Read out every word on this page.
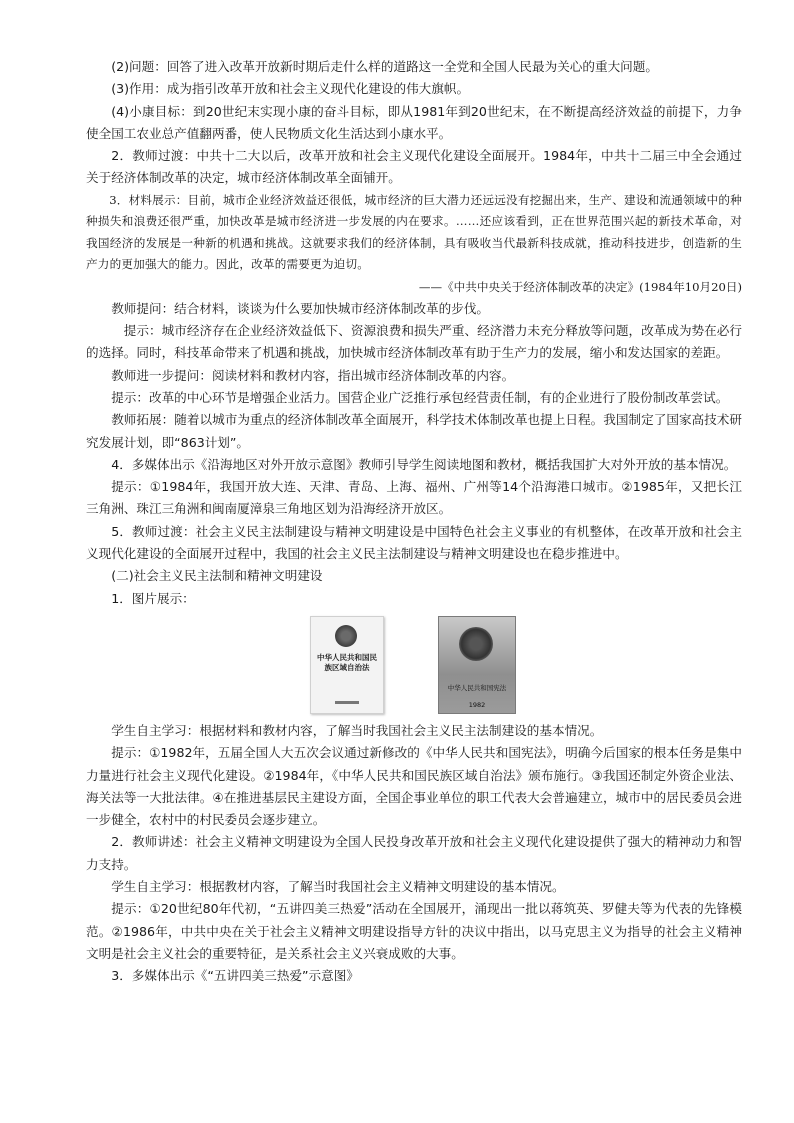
(2)问题：回答了进入改革开放新时期后走什么样的道路这一全党和全国人民最为关心的重大问题。

(3)作用：成为指引改革开放和社会主义现代化建设的伟大旗帜。

(4)小康目标：到20世纪末实现小康的奋斗目标，即从1981年到20世纪末，在不断提高经济效益的前提下，力争使全国工农业总产值翻两番，使人民物质文化生活达到小康水平。

2．教师过渡：中共十二大以后，改革开放和社会主义现代化建设全面展开。1984年，中共十二届三中全会通过关于经济体制改革的决定，城市经济体制改革全面铺开。

3．材料展示：目前，城市企业经济效益还很低，城市经济的巨大潜力还远远没有挖掘出来，生产、建设和流通领域中的种种损失和浪费还很严重，加快改革是城市经济进一步发展的内在要求。……还应该看到，正在世界范围兴起的新技术革命，对我国经济的发展是一种新的机遇和挑战。这就要求我们的经济体制，具有吸收当代最新科技成就，推动科技进步，创造新的生产力的更加强大的能力。因此，改革的需要更为迫切。

——《中共中央关于经济体制改革的决定》(1984年10月20日)

教师提问：结合材料，谈谈为什么要加快城市经济体制改革的步伐。

提示：城市经济存在企业经济效益低下、资源浪费和损失严重、经济潜力未充分释放等问题，改革成为势在必行的选择。同时，科技革命带来了机遇和挑战，加快城市经济体制改革有助于生产力的发展，缩小和发达国家的差距。

教师进一步提问：阅读材料和教材内容，指出城市经济体制改革的内容。

提示：改革的中心环节是增强企业活力。国营企业广泛推行承包经营责任制，有的企业进行了股份制改革尝试。

教师拓展：随着以城市为重点的经济体制改革全面展开，科学技术体制改革也提上日程。我国制定了国家高技术研究发展计划，即“863计划”。

4．多媒体出示《沿海地区对外开放示意图》教师引导学生阅读地图和教材，概括我国扩大对外开放的基本情况。

提示：①1984年，我国开放大连、天津、青岛、上海、福州、广州等14个沿海港口城市。②1985年，又把长江三角洲、珠江三角洲和闽南厦漳泉三角地区划为沿海经济开放区。

5．教师过渡：社会主义民主法制建设与精神文明建设是中国特色社会主义事业的有机整体，在改革开放和社会主义现代化建设的全面展开过程中，我国的社会主义民主法制建设与精神文明建设也在稳步推进中。

(二)社会主义民主法制和精神文明建设

1．图片展示：

中华人民共和国民族区域自治法
中华人民共和国宪法
1982

学生自主学习：根据材料和教材内容，了解当时我国社会主义民主法制建设的基本情况。

提示：①1982年，五届全国人大五次会议通过新修改的《中华人民共和国宪法》，明确今后国家的根本任务是集中力量进行社会主义现代化建设。②1984年，《中华人民共和国民族区域自治法》颁布施行。③我国还制定外资企业法、海关法等一大批法律。④在推进基层民主建设方面，全国企事业单位的职工代表大会普遍建立，城市中的居民委员会进一步健全，农村中的村民委员会逐步建立。

2．教师讲述：社会主义精神文明建设为全国人民投身改革开放和社会主义现代化建设提供了强大的精神动力和智力支持。

学生自主学习：根据教材内容，了解当时我国社会主义精神文明建设的基本情况。

提示：①20世纪80年代初，“五讲四美三热爱”活动在全国展开，涌现出一批以蒋筑英、罗健夫等为代表的先锋模范。②1986年，中共中央在关于社会主义精神文明建设指导方针的决议中指出，以马克思主义为指导的社会主义精神文明是社会主义社会的重要特征，是关系社会主义兴衰成败的大事。

3．多媒体出示《“五讲四美三热爱”示意图》
